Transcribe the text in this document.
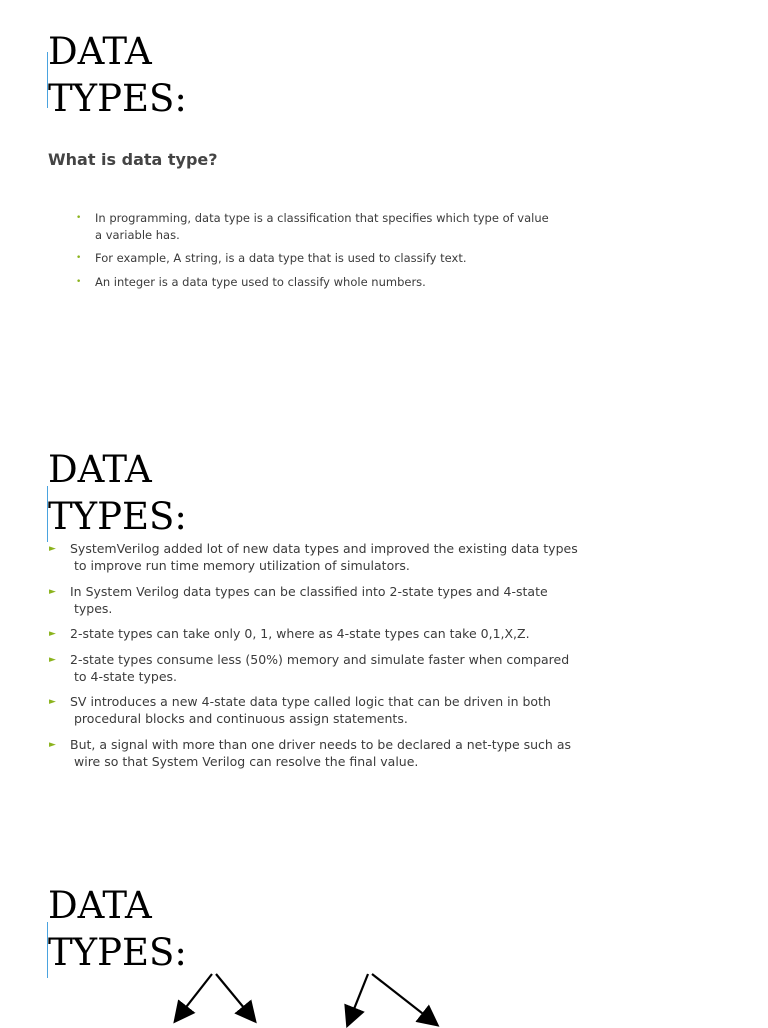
DATA
TYPES:
What is data type?
• In programming, data type is a classification that specifies which type of value a variable has.
• For example, A string, is a data type that is used to classify text.
• An integer is a data type used to classify whole numbers.
DATA
TYPES:
► SystemVerilog added lot of new data types and improved the existing data types to improve run time memory utilization of simulators.
► In System Verilog data types can be classified into 2-state types and 4-state types.
► 2-state types can take only 0, 1, where as 4-state types can take 0,1,X,Z.
► 2-state types consume less (50%) memory and simulate faster when compared to 4-state types.
► SV introduces a new 4-state data type called logic that can be driven in both procedural blocks and continuous assign statements.
► But, a signal with more than one driver needs to be declared a net-type such as wire so that System Verilog can resolve the final value.
DATA
TYPES:
